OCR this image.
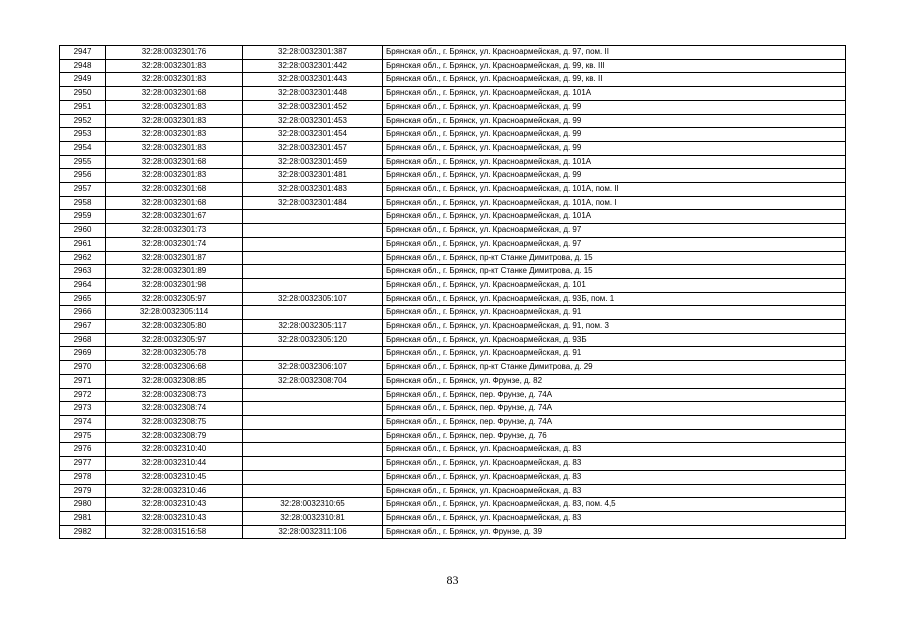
2947	32:28:0032301:76	32:28:0032301:387	Брянская обл., г. Брянск, ул. Красноармейская, д. 97, пом. II
2948	32:28:0032301:83	32:28:0032301:442	Брянская обл., г. Брянск, ул. Красноармейская, д. 99, кв. III
2949	32:28:0032301:83	32:28:0032301:443	Брянская обл., г. Брянск, ул. Красноармейская, д. 99, кв. II
2950	32:28:0032301:68	32:28:0032301:448	Брянская обл., г. Брянск, ул. Красноармейская, д. 101А
2951	32:28:0032301:83	32:28:0032301:452	Брянская обл., г. Брянск, ул. Красноармейская, д. 99
2952	32:28:0032301:83	32:28:0032301:453	Брянская обл., г. Брянск, ул. Красноармейская, д. 99
2953	32:28:0032301:83	32:28:0032301:454	Брянская обл., г. Брянск, ул. Красноармейская, д. 99
2954	32:28:0032301:83	32:28:0032301:457	Брянская обл., г. Брянск, ул. Красноармейская, д. 99
2955	32:28:0032301:68	32:28:0032301:459	Брянская обл., г. Брянск, ул. Красноармейская, д. 101А
2956	32:28:0032301:83	32:28:0032301:481	Брянская обл., г. Брянск, ул. Красноармейская, д. 99
2957	32:28:0032301:68	32:28:0032301:483	Брянская обл., г. Брянск, ул. Красноармейская, д. 101А, пом. II
2958	32:28:0032301:68	32:28:0032301:484	Брянская обл., г. Брянск, ул. Красноармейская, д. 101А, пом. I
2959	32:28:0032301:67		Брянская обл., г. Брянск, ул. Красноармейская, д. 101А
2960	32:28:0032301:73		Брянская обл., г. Брянск, ул. Красноармейская, д. 97
2961	32:28:0032301:74		Брянская обл., г. Брянск, ул. Красноармейская, д. 97
2962	32:28:0032301:87		Брянская обл., г. Брянск, пр-кт Станке Димитрова, д. 15
2963	32:28:0032301:89		Брянская обл., г. Брянск, пр-кт Станке Димитрова, д. 15
2964	32:28:0032301:98		Брянская обл., г. Брянск, ул. Красноармейская, д. 101
2965	32:28:0032305:97	32:28:0032305:107	Брянская обл., г. Брянск, ул. Красноармейская, д. 93Б, пом. 1
2966	32:28:0032305:114		Брянская обл., г. Брянск, ул. Красноармейская, д. 91
2967	32:28:0032305:80	32:28:0032305:117	Брянская обл., г. Брянск, ул. Красноармейская, д. 91, пом. 3
2968	32:28:0032305:97	32:28:0032305:120	Брянская обл., г. Брянск, ул. Красноармейская, д. 93Б
2969	32:28:0032305:78		Брянская обл., г. Брянск, ул. Красноармейская, д. 91
2970	32:28:0032306:68	32:28:0032306:107	Брянская обл., г. Брянск, пр-кт Станке Димитрова, д. 29
2971	32:28:0032308:85	32:28:0032308:704	Брянская обл., г. Брянск, ул. Фрунзе, д. 82
2972	32:28:0032308:73		Брянская обл., г. Брянск, пер. Фрунзе, д. 74А
2973	32:28:0032308:74		Брянская обл., г. Брянск, пер. Фрунзе, д. 74А
2974	32:28:0032308:75		Брянская обл., г. Брянск, пер. Фрунзе, д. 74А
2975	32:28:0032308:79		Брянская обл., г. Брянск, пер. Фрунзе, д. 76
2976	32:28:0032310:40		Брянская обл., г. Брянск, ул. Красноармейская, д. 83
2977	32:28:0032310:44		Брянская обл., г. Брянск, ул. Красноармейская, д. 83
2978	32:28:0032310:45		Брянская обл., г. Брянск, ул. Красноармейская, д. 83
2979	32:28:0032310:46		Брянская обл., г. Брянск, ул. Красноармейская, д. 83
2980	32:28:0032310:43	32:28:0032310:65	Брянская обл., г. Брянск, ул. Красноармейская, д. 83, пом. 4,5
2981	32:28:0032310:43	32:28:0032310:81	Брянская обл., г. Брянск, ул. Красноармейская, д. 83
2982	32:28:0031516:58	32:28:0032311:106	Брянская обл., г. Брянск, ул. Фрунзе, д. 39
83
